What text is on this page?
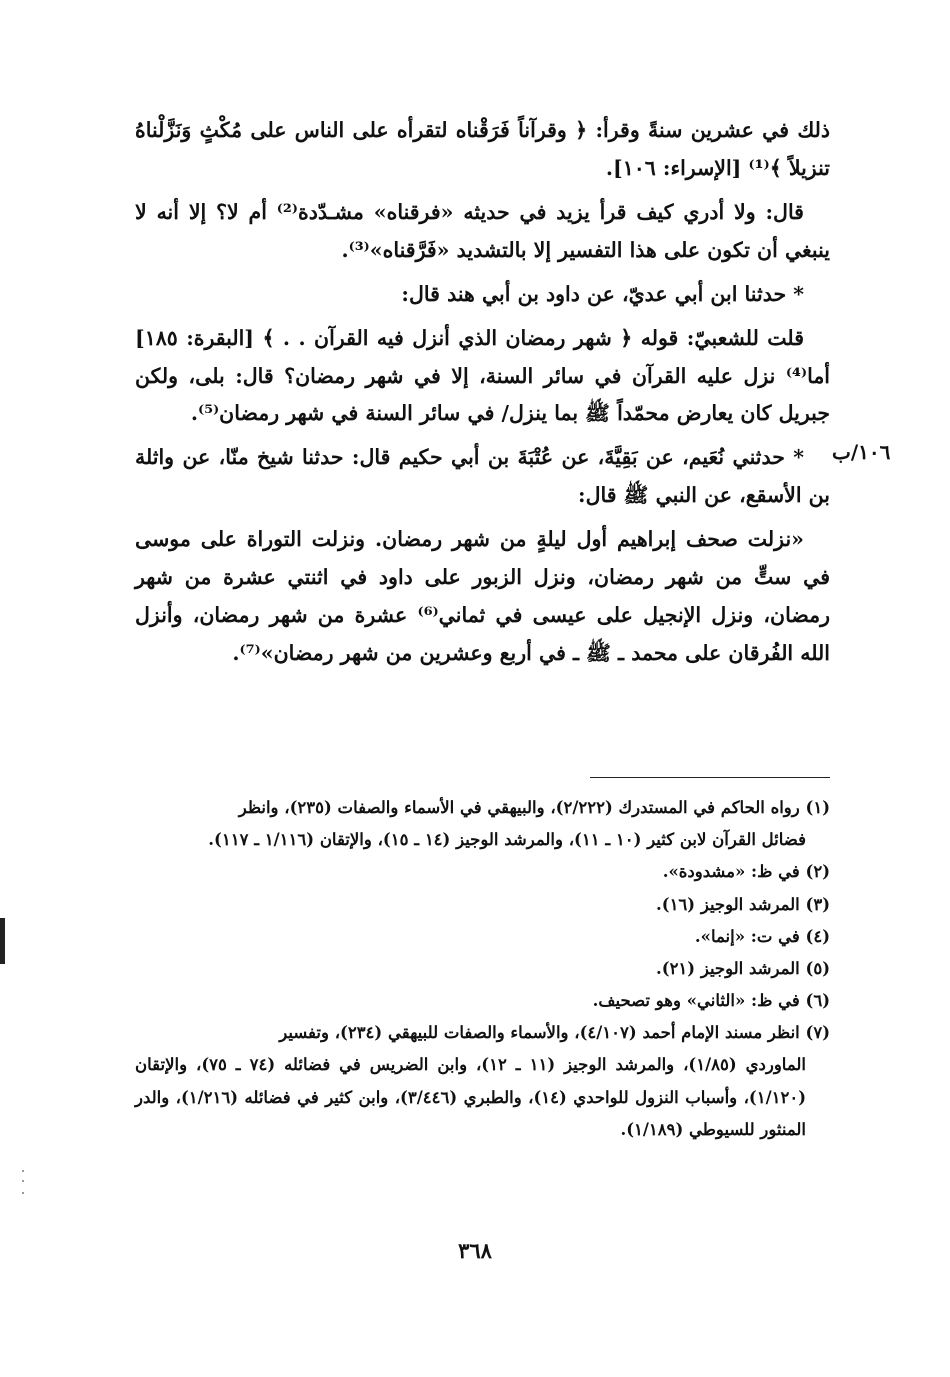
ذلك في عشرين سنةً وقرأ: ﴿ وقرآناً فَرَقْناه لتقرأه على الناس على مُكْثٍ وَنَزَّلْناهُ تنزيلاً ﴾⁽¹⁾ [الإسراء: ١٠٦].

قال: ولا أدري كيف قرأ يزيد في حديثه «فرقناه» مشـدّدة⁽²⁾ أم لا؟ إلا أنه لا ينبغي أن تكون على هذا التفسير إلا بالتشديد «فَرَّقناه»⁽³⁾.

* حدثنا ابن أبي عديّ، عن داود بن أبي هند قال:

قلت للشعبيّ: قوله ﴿ شهر رمضان الذي أنزل فيه القرآن . . ﴾ [البقرة: ١٨٥] أما⁽⁴⁾ نزل عليه القرآن في سائر السنة، إلا في شهر رمضان؟ قال: بلى، ولكن جبريل كان يعارض محمّداً ﷺ بما ينزل/ في سائر السنة في شهر رمضان⁽⁵⁾.

* حدثني نُعَيم، عن بَقِيَّةَ، عن عُتْبَةَ بن أبي حكيم قال: حدثنا شيخ منّا، عن واثلة بن الأسقع، عن النبي ﷺ قال:

«نزلت صحف إبراهيم أول ليلةٍ من شهر رمضان. ونزلت التوراة على موسى في ستٍّ من شهر رمضان، ونزل الزبور على داود في اثنتي عشرة من شهر رمضان، ونزل الإنجيل على عيسى في ثماني⁽⁶⁾ عشرة من شهر رمضان، وأنزل الله الفُرقان على محمد ـ ﷺ ـ في أربع وعشرين من شهر رمضان»⁽⁷⁾.

١٠٦/ب
(١) رواه الحاكم في المستدرك (٢/٢٢٢)، والبيهقي في الأسماء والصفات (٢٣٥)، وانظر
فضائل القرآن لابن كثير (١٠ ـ ١١)، والمرشد الوجيز (١٤ ـ ١٥)، والإتقان (١/١١٦ ـ ١١٧).
(٢) في ظ: «مشدودة».
(٣) المرشد الوجيز (١٦).
(٤) في ت: «إنما».
(٥) المرشد الوجيز (٢١).
(٦) في ظ: «الثاني» وهو تصحيف.
(٧) انظر مسند الإمام أحمد (٤/١٠٧)، والأسماء والصفات للبيهقي (٢٣٤)، وتفسير
الماوردي (١/٨٥)، والمرشد الوجيز (١١ ـ ١٢)، وابن الضريس في فضائله (٧٤ ـ ٧٥)، والإتقان (١/١٢٠)، وأسباب النزول للواحدي (١٤)، والطبري (٣/٤٤٦)، وابن كثير في فضائله (١/٢١٦)، والدر المنثور للسيوطي (١/١٨٩).
٣٦٨
